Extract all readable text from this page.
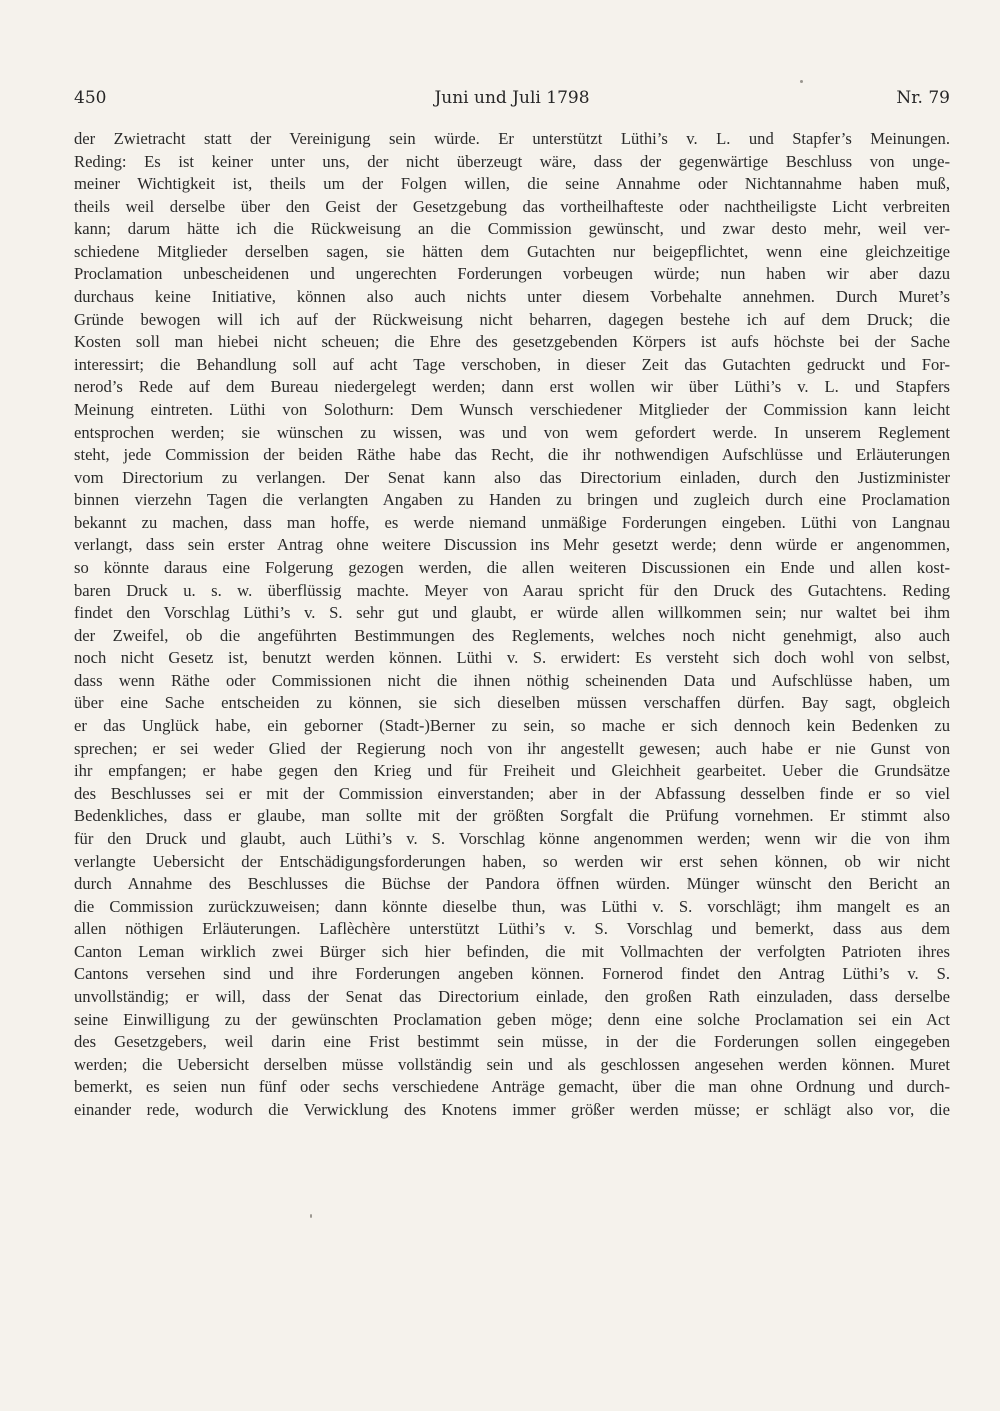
450	Juni und Juli 1798	Nr. 79
der Zwietracht statt der Vereinigung sein würde. Er unterstützt Lüthi’s v. L. und Stapfer’s Meinungen.
Reding: Es ist keiner unter uns, der nicht überzeugt wäre, dass der gegenwärtige Beschluss von unge-
meiner Wichtigkeit ist, theils um der Folgen willen, die seine Annahme oder Nichtannahme haben muß,
theils weil derselbe über den Geist der Gesetzgebung das vortheilhafteste oder nachtheiligste Licht verbreiten
kann; darum hätte ich die Rückweisung an die Commission gewünscht, und zwar desto mehr, weil ver-
schiedene Mitglieder derselben sagen, sie hätten dem Gutachten nur beigepflichtet, wenn eine gleichzeitige
Proclamation unbescheidenen und ungerechten Forderungen vorbeugen würde; nun haben wir aber dazu
durchaus keine Initiative, können also auch nichts unter diesem Vorbehalte annehmen. Durch Muret’s
Gründe bewogen will ich auf der Rückweisung nicht beharren, dagegen bestehe ich auf dem Druck; die
Kosten soll man hiebei nicht scheuen; die Ehre des gesetzgebenden Körpers ist aufs höchste bei der Sache
interessirt; die Behandlung soll auf acht Tage verschoben, in dieser Zeit das Gutachten gedruckt und For-
nerod’s Rede auf dem Bureau niedergelegt werden; dann erst wollen wir über Lüthi’s v. L. und Stapfers
Meinung eintreten. Lüthi von Solothurn: Dem Wunsch verschiedener Mitglieder der Commission kann leicht
entsprochen werden; sie wünschen zu wissen, was und von wem gefordert werde. In unserem Reglement
steht, jede Commission der beiden Räthe habe das Recht, die ihr nothwendigen Aufschlüsse und Erläuterungen
vom Directorium zu verlangen. Der Senat kann also das Directorium einladen, durch den Justizminister
binnen vierzehn Tagen die verlangten Angaben zu Handen zu bringen und zugleich durch eine Proclamation
bekannt zu machen, dass man hoffe, es werde niemand unmäßige Forderungen eingeben. Lüthi von Langnau
verlangt, dass sein erster Antrag ohne weitere Discussion ins Mehr gesetzt werde; denn würde er angenommen,
so könnte daraus eine Folgerung gezogen werden, die allen weiteren Discussionen ein Ende und allen kost-
baren Druck u. s. w. überflüssig machte. Meyer von Aarau spricht für den Druck des Gutachtens. Reding
findet den Vorschlag Lüthi’s v. S. sehr gut und glaubt, er würde allen willkommen sein; nur waltet bei ihm
der Zweifel, ob die angeführten Bestimmungen des Reglements, welches noch nicht genehmigt, also auch
noch nicht Gesetz ist, benutzt werden können. Lüthi v. S. erwidert: Es versteht sich doch wohl von selbst,
dass wenn Räthe oder Commissionen nicht die ihnen nöthig scheinenden Data und Aufschlüsse haben, um
über eine Sache entscheiden zu können, sie sich dieselben müssen verschaffen dürfen. Bay sagt, obgleich
er das Unglück habe, ein geborner (Stadt-)Berner zu sein, so mache er sich dennoch kein Bedenken zu
sprechen; er sei weder Glied der Regierung noch von ihr angestellt gewesen; auch habe er nie Gunst von
ihr empfangen; er habe gegen den Krieg und für Freiheit und Gleichheit gearbeitet. Ueber die Grundsätze
des Beschlusses sei er mit der Commission einverstanden; aber in der Abfassung desselben finde er so viel
Bedenkliches, dass er glaube, man sollte mit der größten Sorgfalt die Prüfung vornehmen. Er stimmt also
für den Druck und glaubt, auch Lüthi’s v. S. Vorschlag könne angenommen werden; wenn wir die von ihm
verlangte Uebersicht der Entschädigungsforderungen haben, so werden wir erst sehen können, ob wir nicht
durch Annahme des Beschlusses die Büchse der Pandora öffnen würden. Münger wünscht den Bericht an
die Commission zurückzuweisen; dann könnte dieselbe thun, was Lüthi v. S. vorschlägt; ihm mangelt es an
allen nöthigen Erläuterungen. Laflèchère unterstützt Lüthi’s v. S. Vorschlag und bemerkt, dass aus dem
Canton Leman wirklich zwei Bürger sich hier befinden, die mit Vollmachten der verfolgten Patrioten ihres
Cantons versehen sind und ihre Forderungen angeben können. Fornerod findet den Antrag Lüthi’s v. S.
unvollständig; er will, dass der Senat das Directorium einlade, den großen Rath einzuladen, dass derselbe
seine Einwilligung zu der gewünschten Proclamation geben möge; denn eine solche Proclamation sei ein Act
des Gesetzgebers, weil darin eine Frist bestimmt sein müsse, in der die Forderungen sollen eingegeben
werden; die Uebersicht derselben müsse vollständig sein und als geschlossen angesehen werden können. Muret
bemerkt, es seien nun fünf oder sechs verschiedene Anträge gemacht, über die man ohne Ordnung und durch-
einander rede, wodurch die Verwicklung des Knotens immer größer werden müsse; er schlägt also vor, die
